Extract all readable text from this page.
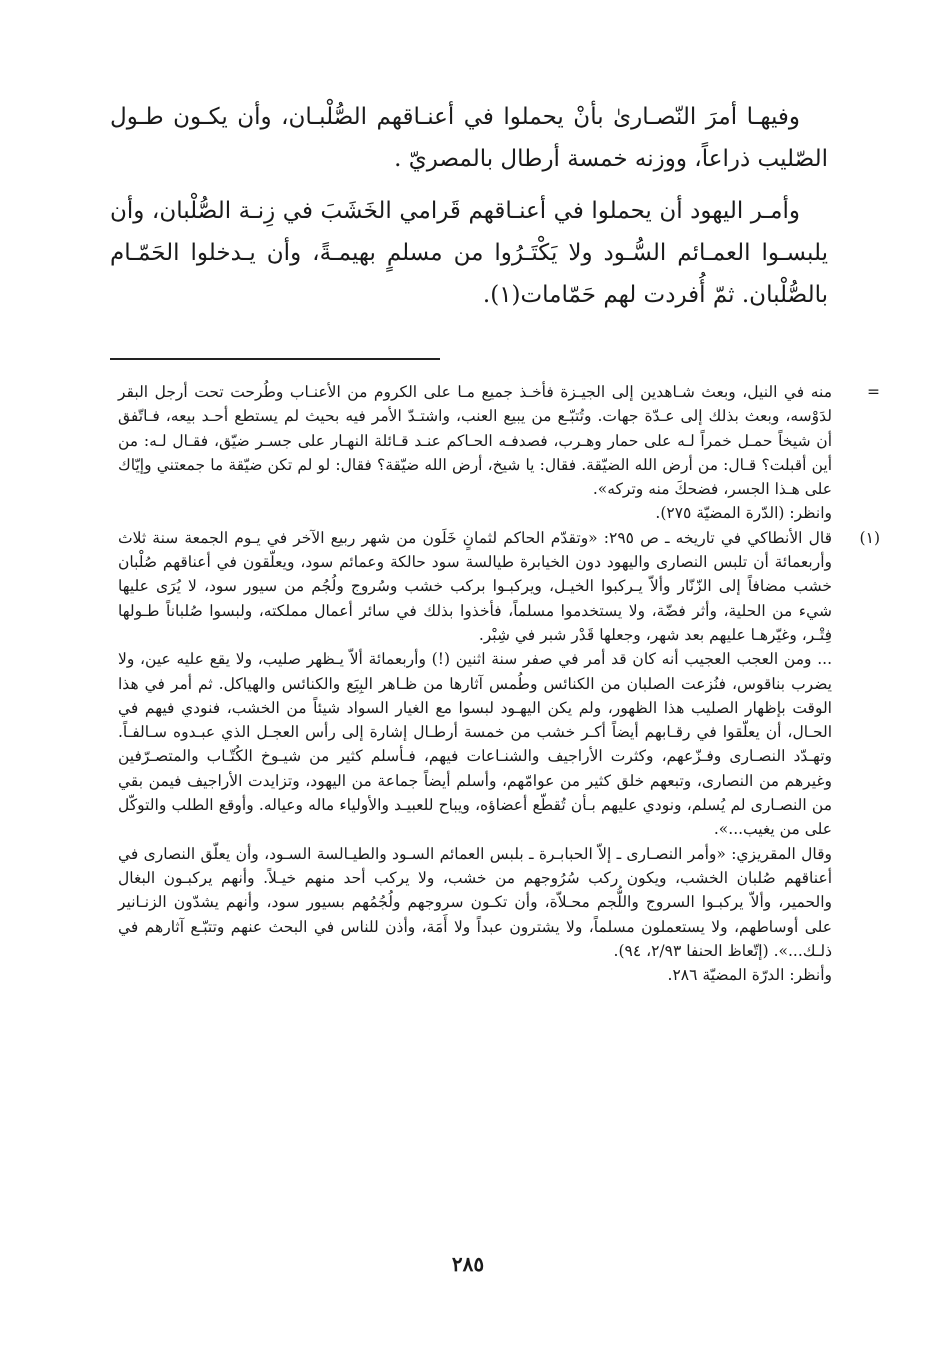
وفيهـا أمرَ النّصـارىٰ بأنْ يحملوا في أعنـاقهم الصُّلْبـان، وأن يكـون طـول الصّليب ذراعاً، ووزنه خمسة أرطال بالمصريّ .

وأمـر اليهود أن يحملوا في أعنـاقهم قَرامي الخَشَبَ في زِنـة الصُّلْبان، وأن يلبسـوا العمـائم السُّـود ولا يَكْتَـرُوا من مسلمٍ بهيمـةً، وأن يـدخلوا الحَمّـام بالصُّلْبان. ثمّ أُفردت لهم حَمّامات(١).

=

منه في النيل، وبعث شـاهدين إلى الجيـزة فأخـذ جميع مـا على الكروم من الأعنـاب وطُرحت تحت أرجل البقر لدَوْسه، وبعث بذلك إلى عـدّة جهات. وتُتبّـع من يبيع العنب، واشتـدّ الأمر فيه بحيث لم يستطع أحـد بيعه، فـاتّفق أن شيخاً حمـل خمراً لـه على حمار وهـرب، فصدفـه الحـاكم عنـد قـائلة النهـار على جسـر ضيّق، فقـال لـه: من أين أقبلت؟ قـال: من أرض الله الضيّقة. فقال: يا شيخ، أرض الله ضيّقة؟ فقال: لو لم تكن ضيّقة ما جمعتني وإيّاك على هـذا الجسر، فضحكَ منه وتركه».

وانظر: (الدّرة المضيّة ٢٧٥).

(١)

قال الأنطاكي في تاريخه ـ ص ٢٩٥: «وتقدّم الحاكم لثمانٍ خَلَون من شهر ربيع الآخر في يـوم الجمعة سنة ثلاث وأربعمائة أن تلبس النصارى واليهود دون الخيابرة طيالسة سود حالكة وعمائم سود، ويعلّقون في أعناقهم صُلْبان خشب مضافاً إلى الزّنّار وألاّ يـركبوا الخيـل، ويركبـوا بركب خشب وسُروج ولُجُم من سيور سود، لا يُرَى عليها شيء من الحلية، وأثر فضّة، ولا يستخدموا مسلماً، فأخذوا بذلك في سائر أعمال مملكته، ولبسوا صُلباناً طـولها فِتْـر، وغيّرهـا عليهم بعد شهر، وجعلها قَدْر شبر في شِبْر.

... ومن العجب العجيب أنه كان قد أمر في صفر سنة اثنين (!) وأربعمائة ألاّ يـظهر صليب، ولا يقع عليه عين، ولا يضرب بناقوس، فنُزعت الصلبان من الكنائس وطُمس آثارها من ظـاهر البِيَع والكنائس والهياكل. ثم أمر في هذا الوقت بإظهار الصليب هذا الظهور، ولم يكن اليهـود لبسوا مع الغيار السواد شيئاً من الخشب، فنودي فيهم في الحـال، أن يعلّقوا في رقـابهم أيضاً أكـر خشب من خمسة أرطـال إشارة إلى رأس العجـل الذي عبـدوه سـالفـاً. وتهـدّد النصـارى وفـزّعهم، وكثرت الأراجيف والشنـاعات فيهم، فـأسلم كثير من شيـوخ الكُتّـاب والمتصـرّفين وغيرهم من النصارى، وتبعهم خلق كثير من عوامّهم، وأسلم أيضاً جماعة من اليهود، وتزايدت الأراجيف فيمن بقي من النصـارى لم يُسلم، ونودي عليهم بـأن تُقطّع أعضاؤه، ويباح للعبيـد والأولياء ماله وعياله. وأوقع الطلب والتوكّل على من يغيب...».

وقال المقريزي: «وأمر النصـارى ـ إلاّ الحبابـرة ـ بلبس العمائم السـود والطيـالسة السـود، وأن يعلّق النصارى في أعناقهم صُلبان الخشب، ويكون ركب سُرُوجهم من خشب، ولا يركب أحد منهم خيـلاً. وأنهم يركبـون البغال والحمير، وألاّ يركبـوا السروج واللُّجم محـلاّة، وأن تكـون سروجهم ولُجُمُهم بسيور سود، وأنهم يشدّون الزنـانير على أوساطهم، ولا يستعملون مسلماً، ولا يشترون عبداً ولا أَمَة، وأذن للناس في البحث عنهم وتتبّـع آثارهم في ذلـك...». (إتّعاظ الحنفا ٢/٩٣، ٩٤).

وأنظر: الدرّة المضيّة ٢٨٦.

٢٨٥
